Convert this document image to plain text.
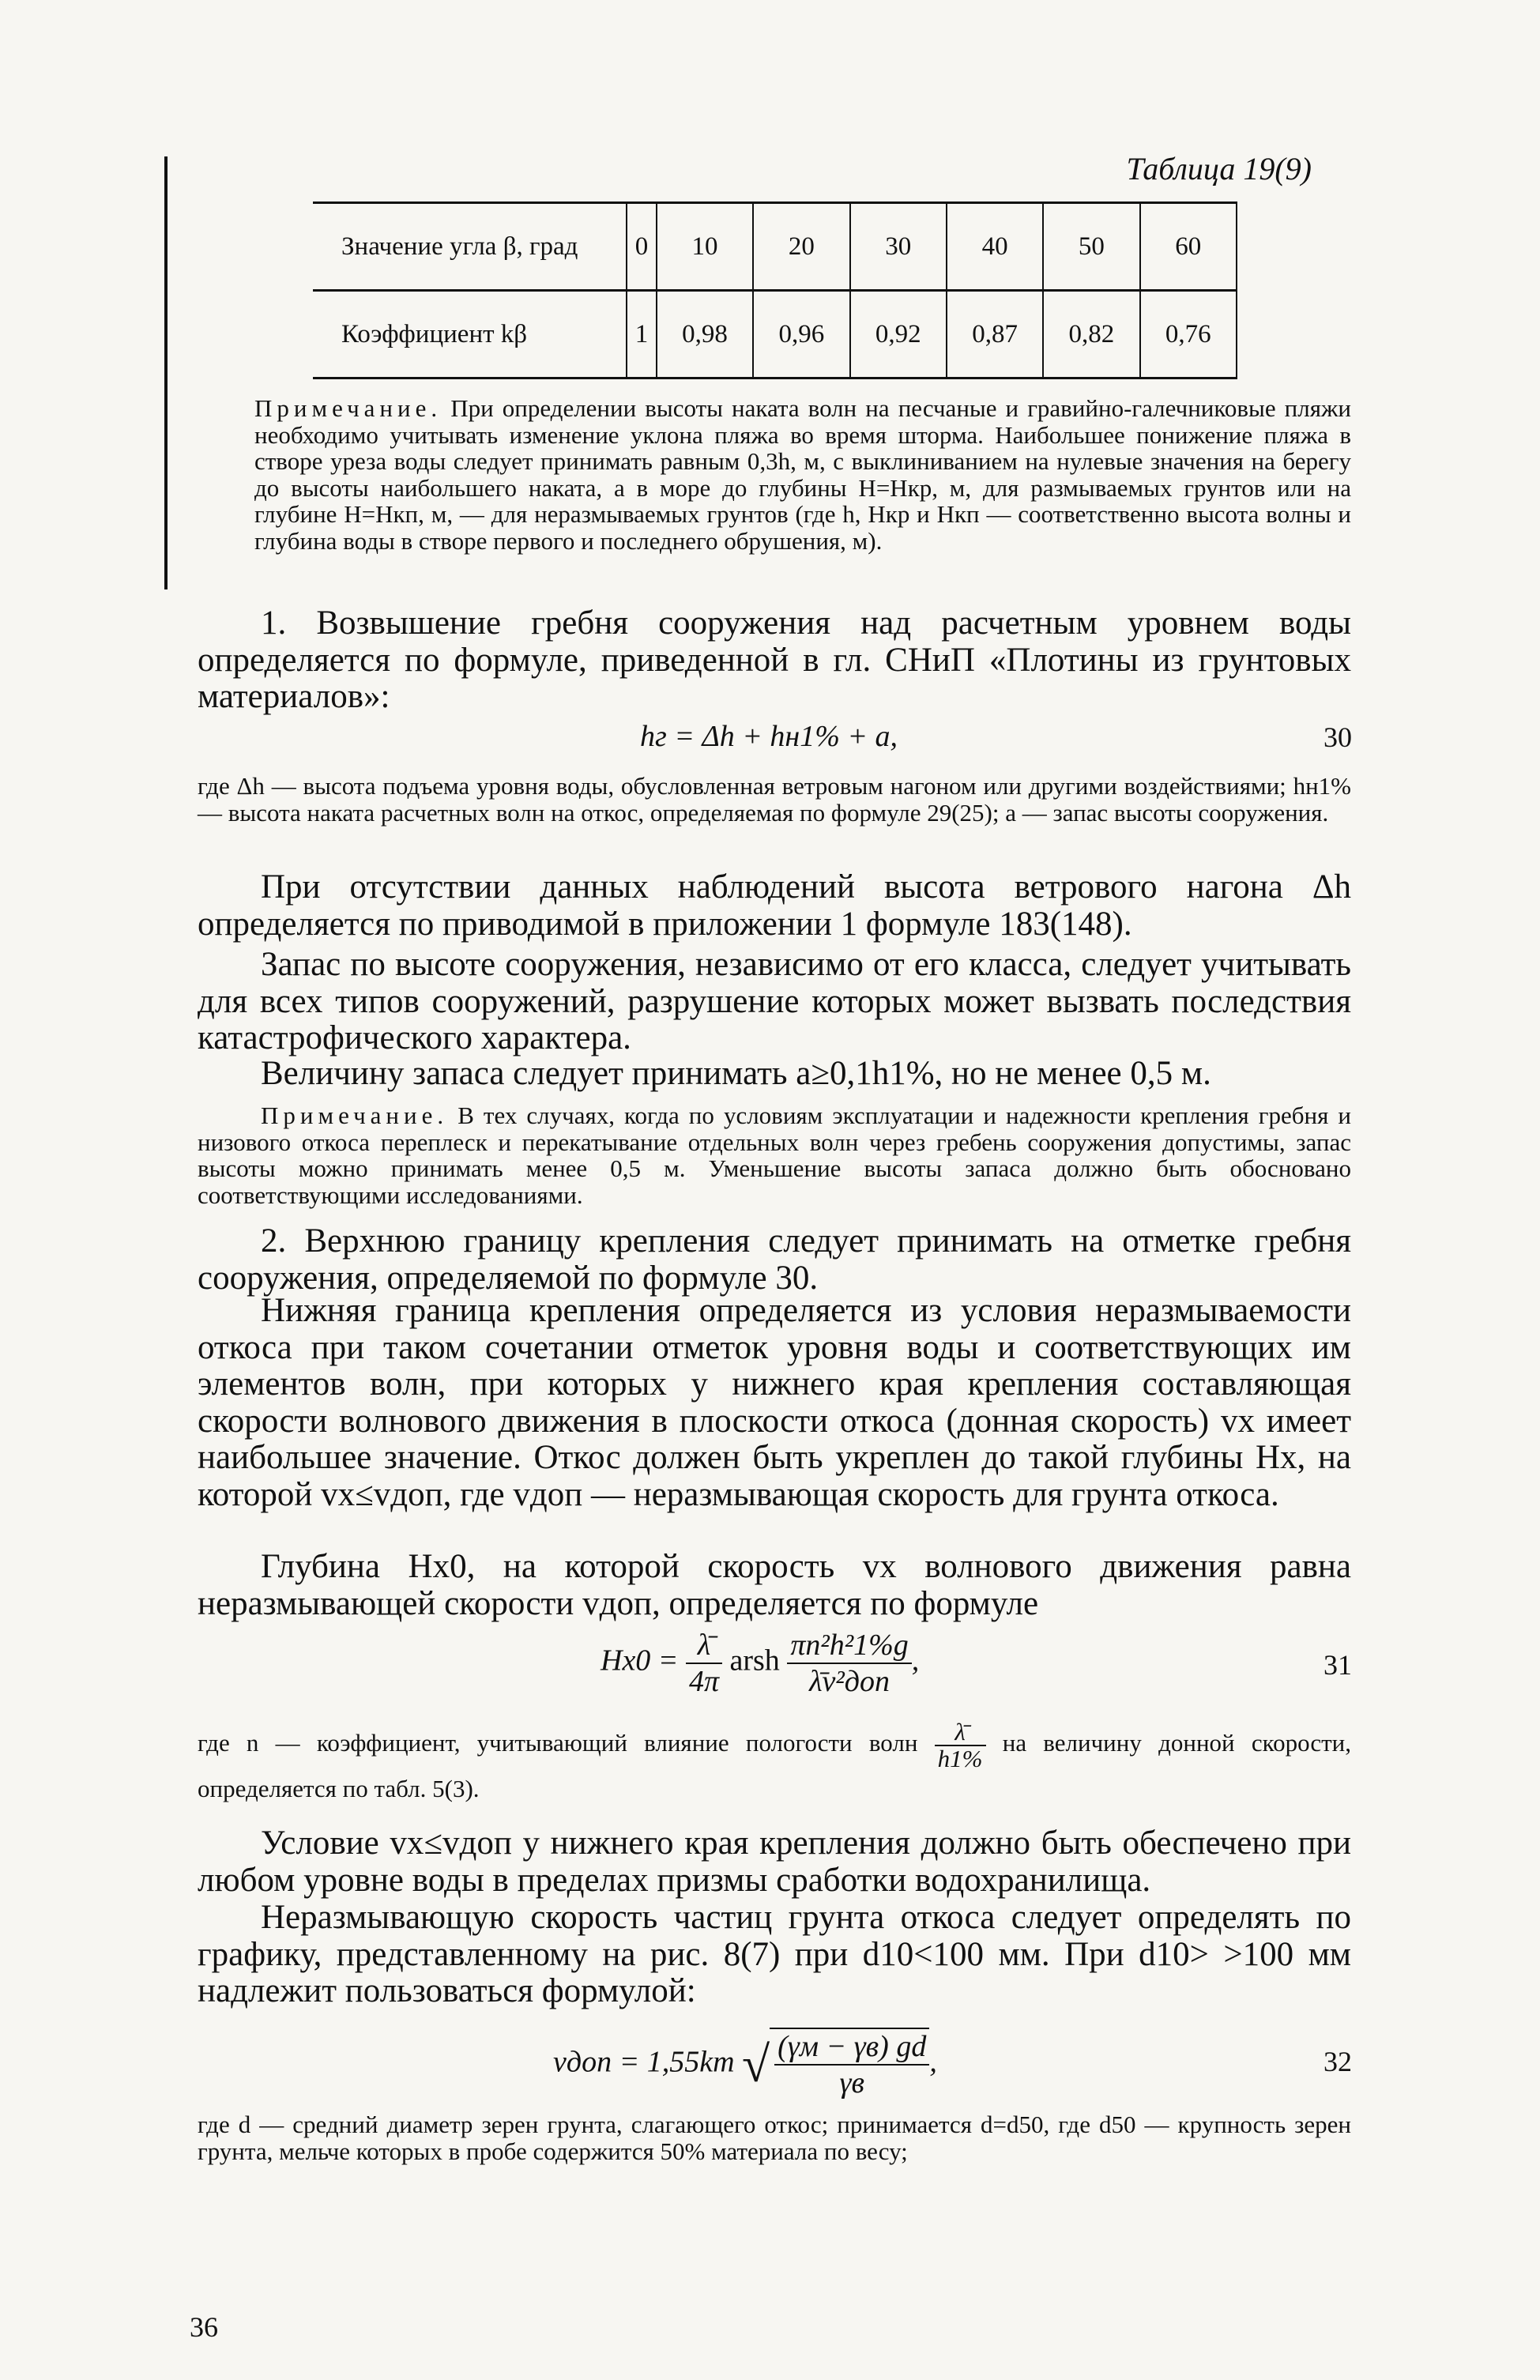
Таблица 19(9)
Значение угла β, град	0	10	20	30	40	50	60
Коэффициент kβ	1	0,98	0,96	0,92	0,87	0,82	0,76
Примечание. При определении высоты наката волн на песчаные и гравийно-галечниковые пляжи необходимо учитывать изменение уклона пляжа во время шторма. Наибольшее понижение пляжа в створе уреза воды следует принимать равным 0,3h, м, с выклиниванием на нулевые значения на берегу до высоты наибольшего наката, а в море до глубины H=Hкр, м, для размываемых грунтов или на глубине H=Hкп, м, — для неразмываемых грунтов (где h, Hкр и Hкп — соответственно высота волны и глубина воды в створе первого и последнего обрушения, м).
1. Возвышение гребня сооружения над расчетным уровнем воды определяется по формуле, приведенной в гл. СНиП «Плотины из грунтовых материалов»:
hг = Δh + hн1% + a,	30
где Δh — высота подъема уровня воды, обусловленная ветровым нагоном или другими воздействиями; hн1% — высота наката расчетных волн на откос, определяемая по формуле 29(25); a — запас высоты сооружения.
При отсутствии данных наблюдений высота ветрового нагона Δh определяется по приводимой в приложении 1 формуле 183(148).
Запас по высоте сооружения, независимо от его класса, следует учитывать для всех типов сооружений, разрушение которых может вызвать последствия катастрофического характера.
Величину запаса следует принимать a≥0,1h1%, но не менее 0,5 м.
Примечание. В тех случаях, когда по условиям эксплуатации и надежности крепления гребня и низового откоса переплеск и перекатывание отдельных волн через гребень сооружения допустимы, запас высоты можно принимать менее 0,5 м. Уменьшение высоты запаса должно быть обосновано соответствующими исследованиями.
2. Верхнюю границу крепления следует принимать на отметке гребня сооружения, определяемой по формуле 30.
Нижняя граница крепления определяется из условия неразмываемости откоса при таком сочетании отметок уровня воды и соответствующих им элементов волн, при которых у нижнего края крепления составляющая скорости волнового движения в плоскости откоса (донная скорость) vx имеет наибольшее значение. Откос должен быть укреплен до такой глубины Hx, на которой vx≤vдоп, где vдоп — неразмывающая скорость для грунта откоса.
Глубина Hx0, на которой скорость vx волнового движения равна неразмывающей скорости vдоп, определяется по формуле
$Hx0 = \frac{\lambdā}{4\pi}$ arsh $\frac{\text{πn²h²1\%g}}{\text{λ̄v²доп}}$ ,	31
где n — коэффициент, учитывающий влияние пологости волн $\frac{\lambdā}{h1\%}$ на величину донной скорости, определяется по табл. 5(3).
Условие vx≤vдоп у нижнего края крепления должно быть обеспечено при любом уровне воды в пределах призмы сработки водохранилища.
Неразмывающую скорость частиц грунта откоса следует определять по графику, представленному на рис. 8(7) при d10<100 мм. При d10> >100 мм надлежит пользоваться формулой:
vдоп = 1,55km √ $\frac{(\gamma м - \gamma в) gd}{\gamma в}$ ,	32
где d — средний диаметр зерен грунта, слагающего откос; принимается d=d50, где d50 — крупность зерен грунта, мельче которых в пробе содержится 50% материала по весу;
36
